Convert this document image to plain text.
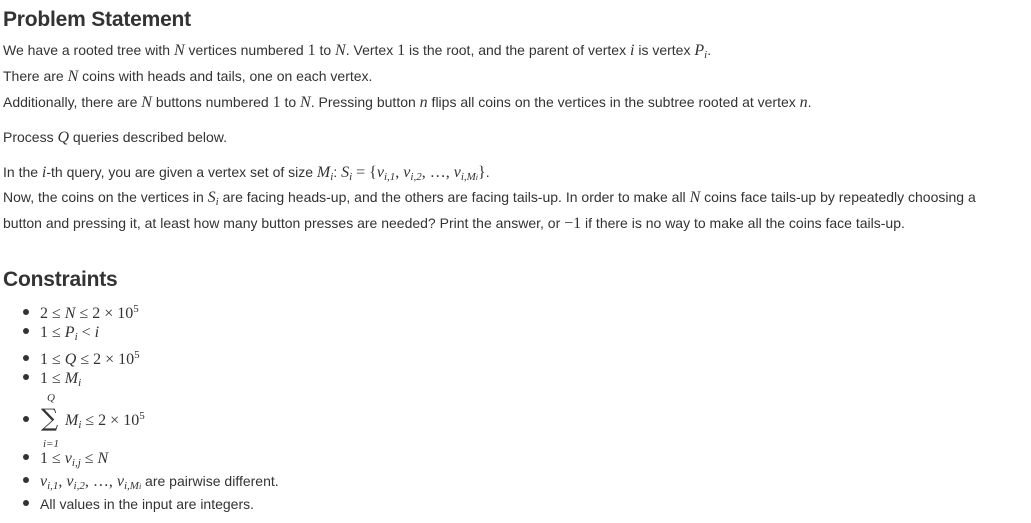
Problem Statement
We have a rooted tree with N vertices numbered 1 to N. Vertex 1 is the root, and the parent of vertex i is vertex $P_i$.
There are N coins with heads and tails, one on each vertex.
Additionally, there are N buttons numbered 1 to N. Pressing button n flips all coins on the vertices in the subtree rooted at vertex n.
Process Q queries described below.
In the i-th query, you are given a vertex set of size $M_i$: $S_i = \{v_{i,1}$, $v_{i,2}$, …, $v_{i,Mi}$}.
Now, the coins on the vertices in $S_i$ are facing heads-up, and the others are facing tails-up. In order to make all N coins face tails-up by repeatedly choosing a
button and pressing it, at least how many button presses are needed? Print the answer, or −1 if there is no way to make all the coins face tails-up.
Constraints
$2 \le N \le 2 \times 10^5$
$1 \le P_i < i$
$1 \le Q \le 2 \times 10^5$
$1 \le M_i$
Q
∑
i=1
$M_i \le 2 \times 10^5$
$1 \le v_{i,j} \le N$
$v_{i,1}$, $v_{i,2}$, …, $v_{i,Mi}$ are pairwise different.
All values in the input are integers.
